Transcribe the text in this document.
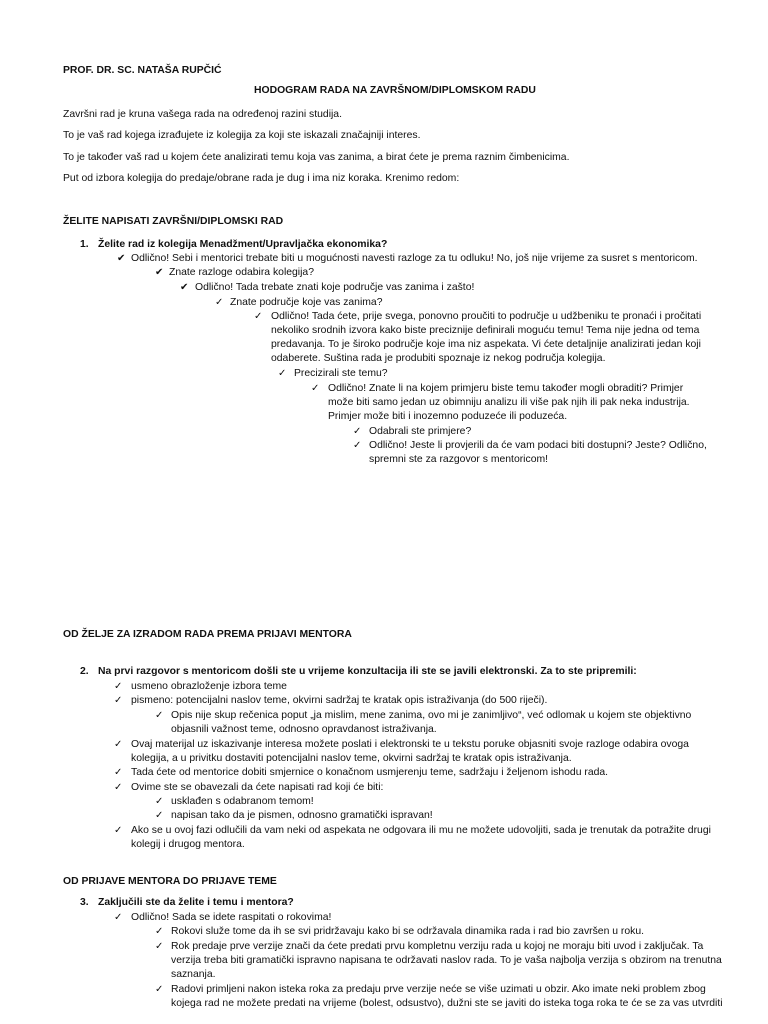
PROF. DR. SC. NATAŠA RUPČIĆ
HODOGRAM RADA NA ZAVRŠNOM/DIPLOMSKOM RADU
Završni rad je kruna vašega rada na određenoj razini studija.
To je vaš rad kojega izrađujete iz kolegija za koji ste iskazali značajniji interes.
To je također vaš rad u kojem ćete analizirati temu koja vas zanima, a birat ćete je prema raznim čimbenicima.
Put od izbora kolegija do predaje/obrane rada je dug i ima niz koraka. Krenimo redom:
ŽELITE NAPISATI ZAVRŠNI/DIPLOMSKI RAD
1. Želite rad iz kolegija Menadžment/Upravljačka ekonomika?
✔ Odlično! Sebi i mentorici trebate biti u mogućnosti navesti razloge za tu odluku! No, još nije vrijeme za susret s mentoricom.
✔ Znate razloge odabira kolegija?
✔ Odlično! Tada trebate znati koje područje vas zanima i zašto!
✓ Znate područje koje vas zanima?
✓ Odlično! Tada ćete, prije svega, ponovno proučiti to područje u udžbeniku te pronaći i pročitati
nekoliko srodnih izvora kako biste preciznije definirali moguću temu! Tema nije jedna od tema
predavanja. To je široko područje koje ima niz aspekata. Vi ćete detaljnije analizirati jedan koji
odaberete. Suština rada je produbiti spoznaje iz nekog područja kolegija.
✓ Precizirali ste temu?
✓ Odlično! Znate li na kojem primjeru biste temu također mogli obraditi? Primjer
može biti samo jedan uz obimniju analizu ili više pak njih ili pak neka industrija.
Primjer može biti i inozemno poduzeće ili poduzeća.
✓ Odabrali ste primjere?
✓ Odlično! Jeste li provjerili da će vam podaci biti dostupni? Jeste? Odlično,
spremni ste za razgovor s mentoricom!
OD ŽELJE ZA IZRADOM RADA PREMA PRIJAVI MENTORA
2. Na prvi razgovor s mentoricom došli ste u vrijeme konzultacija ili ste se javili elektronski. Za to ste pripremili:
✓ usmeno obrazloženje izbora teme
✓ pismeno: potencijalni naslov teme, okvirni sadržaj te kratak opis istraživanja (do 500 riječi).
✓ Opis nije skup rečenica poput „ja mislim, mene zanima, ovo mi je zanimljivo“, već odlomak u kojem ste objektivno
objasnili važnost teme, odnosno opravdanost istraživanja.
✓ Ovaj materijal uz iskazivanje interesa možete poslati i elektronski te u tekstu poruke objasniti svoje razloge odabira ovoga
kolegija, a u privitku dostaviti potencijalni naslov teme, okvirni sadržaj te kratak opis istraživanja.
✓ Tada ćete od mentorice dobiti smjernice o konačnom usmjerenju teme, sadržaju i željenom ishodu rada.
✓ Ovime ste se obavezali da ćete napisati rad koji će biti:
✓ usklađen s odabranom temom!
✓ napisan tako da je pismen, odnosno gramatički ispravan!
✓ Ako se u ovoj fazi odlučili da vam neki od aspekata ne odgovara ili mu ne možete udovoljiti, sada je trenutak da potražite drugi
kolegij i drugog mentora.
OD PRIJAVE MENTORA DO PRIJAVE TEME
3. Zaključili ste da želite i temu i mentora?
✓ Odlično! Sada se idete raspitati o rokovima!
✓ Rokovi služe tome da ih se svi pridržavaju kako bi se održavala dinamika rada i rad bio završen u roku.
✓ Rok predaje prve verzije znači da ćete predati prvu kompletnu verziju rada u kojoj ne moraju biti uvod i zaključak. Ta
verzija treba biti gramatički ispravno napisana te održavati naslov rada. To je vaša najbolja verzija s obzirom na trenutna
saznanja.
✓ Radovi primljeni nakon isteka roka za predaju prve verzije neće se više uzimati u obzir. Ako imate neki problem zbog
kojega rad ne možete predati na vrijeme (bolest, odsustvo), dužni ste se javiti do isteka toga roka te će se za vas utvrditi
